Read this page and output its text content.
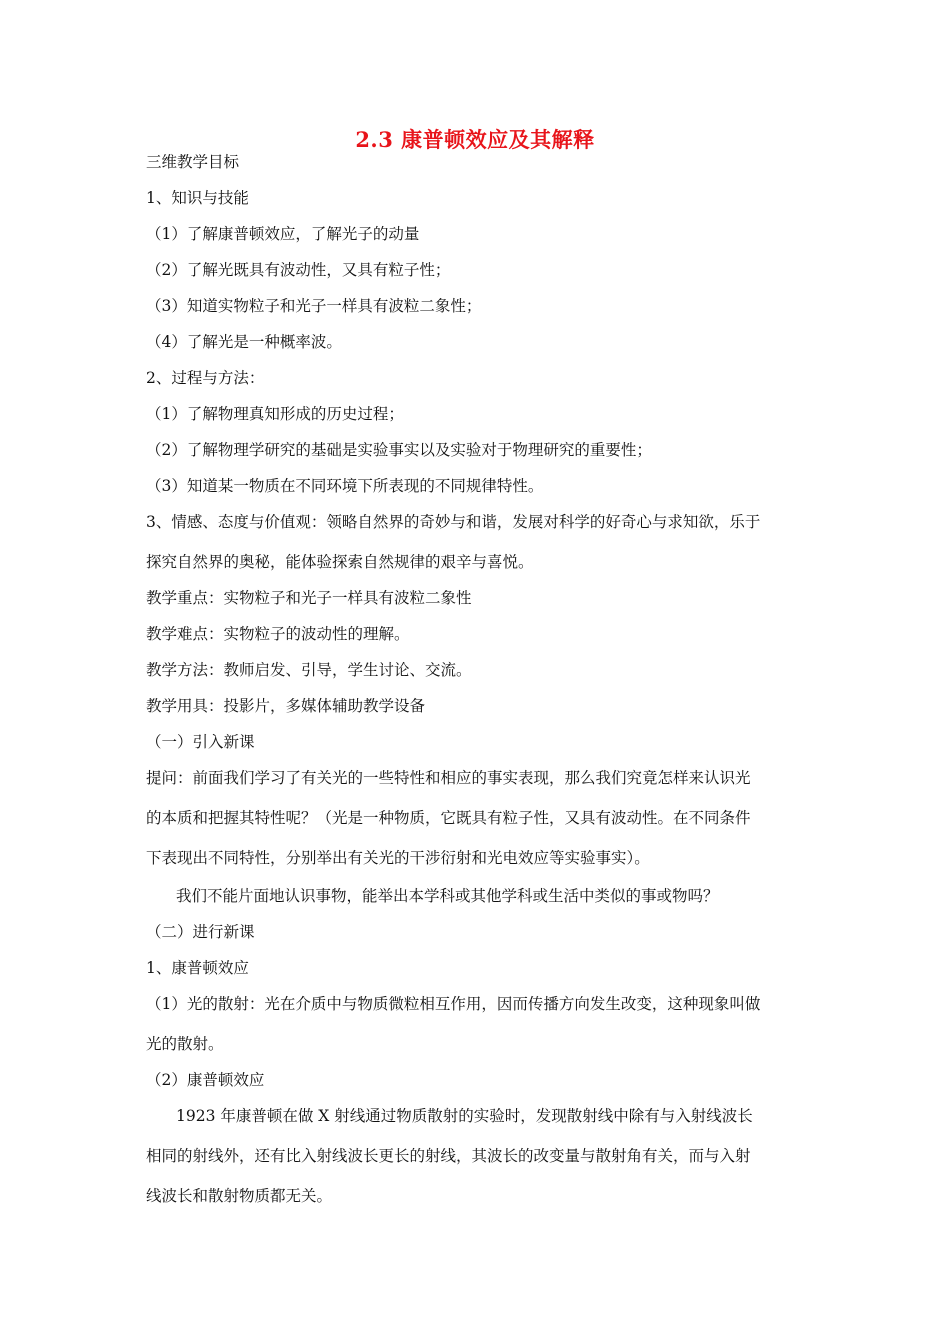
2.3 康普顿效应及其解释
三维教学目标
1、知识与技能
（1）了解康普顿效应，了解光子的动量
（2）了解光既具有波动性，又具有粒子性；
（3）知道实物粒子和光子一样具有波粒二象性；
（4）了解光是一种概率波。
2、过程与方法：
（1）了解物理真知形成的历史过程；
（2）了解物理学研究的基础是实验事实以及实验对于物理研究的重要性；
（3）知道某一物质在不同环境下所表现的不同规律特性。
3、情感、态度与价值观：领略自然界的奇妙与和谐，发展对科学的好奇心与求知欲，乐于
探究自然界的奥秘，能体验探索自然规律的艰辛与喜悦。
教学重点：实物粒子和光子一样具有波粒二象性
教学难点：实物粒子的波动性的理解。
教学方法：教师启发、引导，学生讨论、交流。
教学用具：投影片，多媒体辅助教学设备
（一）引入新课
提问：前面我们学习了有关光的一些特性和相应的事实表现，那么我们究竟怎样来认识光
的本质和把握其特性呢？（光是一种物质，它既具有粒子性，又具有波动性。在不同条件
下表现出不同特性，分别举出有关光的干涉衍射和光电效应等实验事实）。
我们不能片面地认识事物，能举出本学科或其他学科或生活中类似的事或物吗？
（二）进行新课
1、康普顿效应
（1）光的散射：光在介质中与物质微粒相互作用，因而传播方向发生改变，这种现象叫做
光的散射。
（2）康普顿效应
1923 年康普顿在做 X 射线通过物质散射的实验时，发现散射线中除有与入射线波长
相同的射线外，还有比入射线波长更长的射线，其波长的改变量与散射角有关，而与入射
线波长和散射物质都无关。
